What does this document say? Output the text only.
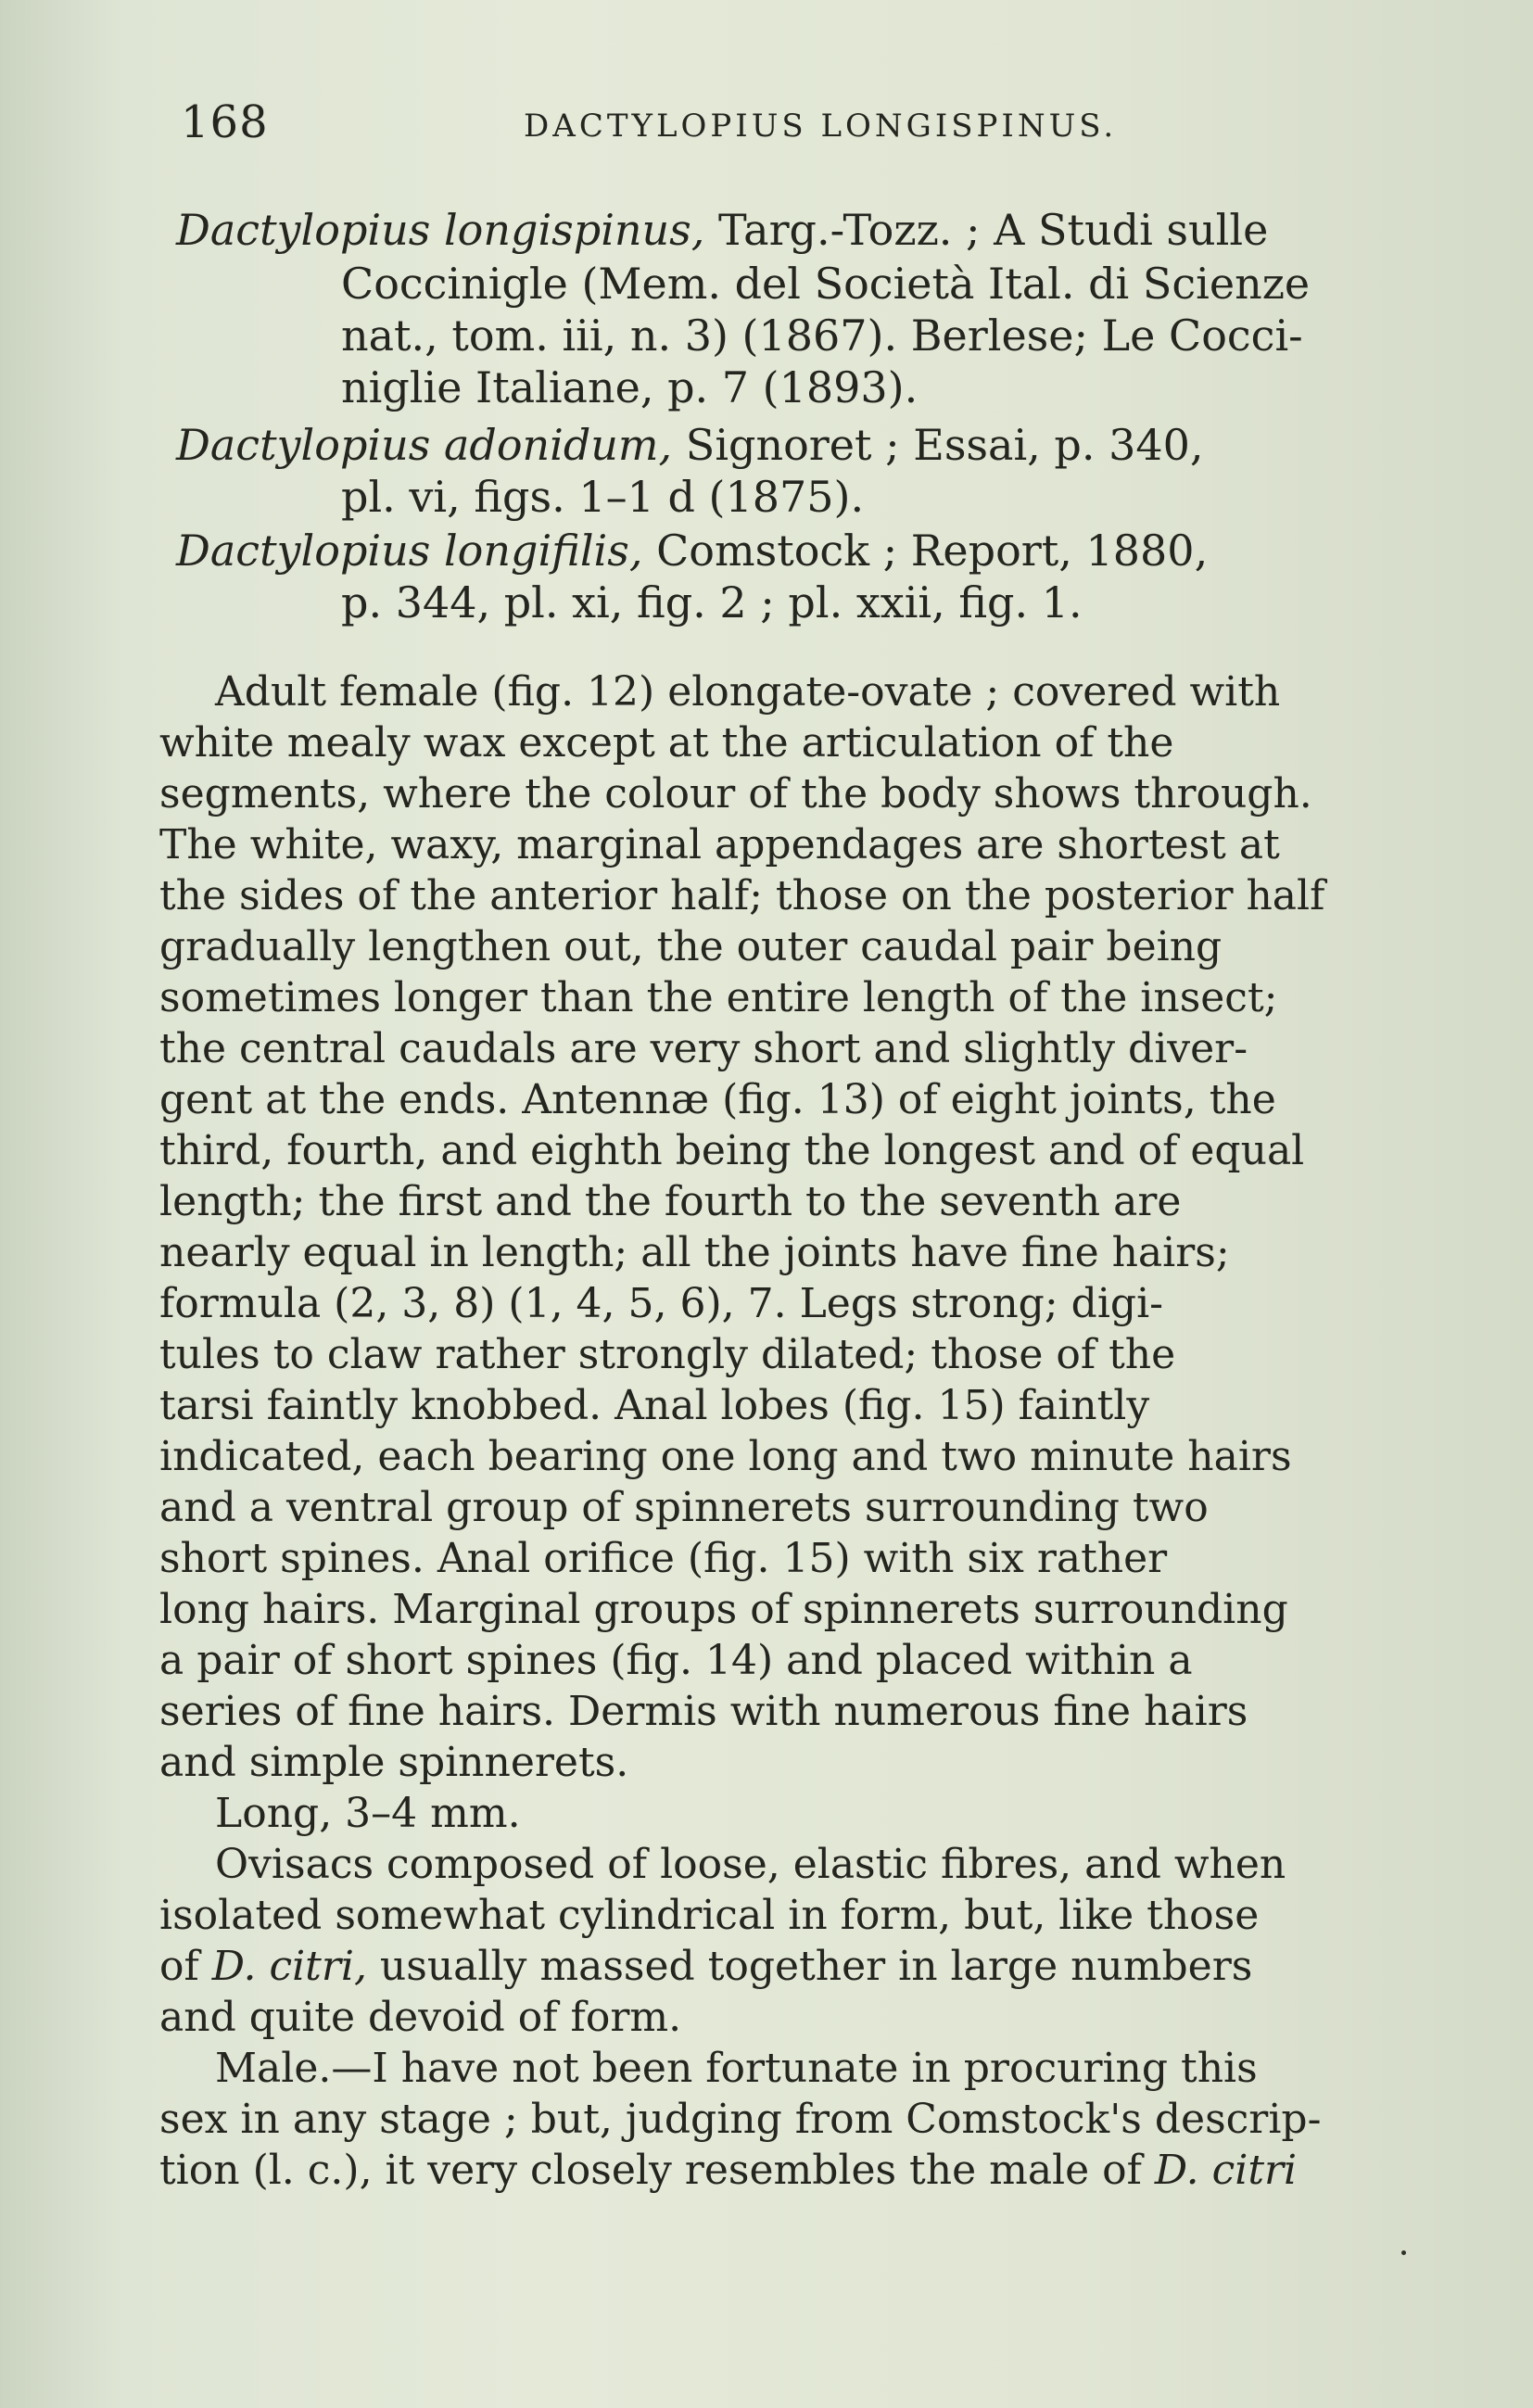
168	DACTYLOPIUS LONGISPINUS.
Dactylopius longispinus, Targ.-Tozz. ; A Studi sulle
Coccinigle (Mem. del Società Ital. di Scienze
nat., tom. iii, n. 3) (1867). Berlese; Le Cocci-
niglie Italiane, p. 7 (1893).
Dactylopius adonidum, Signoret ; Essai, p. 340,
pl. vi, figs. 1–1 d (1875).
Dactylopius longifilis, Comstock ; Report, 1880,
p. 344, pl. xi, fig. 2 ; pl. xxii, fig. 1.
Adult female (fig. 12) elongate-ovate ; covered with
white mealy wax except at the articulation of the
segments, where the colour of the body shows through.
The white, waxy, marginal appendages are shortest at
the sides of the anterior half; those on the posterior half
gradually lengthen out, the outer caudal pair being
sometimes longer than the entire length of the insect;
the central caudals are very short and slightly diver-
gent at the ends. Antennæ (fig. 13) of eight joints, the
third, fourth, and eighth being the longest and of equal
length; the first and the fourth to the seventh are
nearly equal in length; all the joints have fine hairs;
formula (2, 3, 8) (1, 4, 5, 6), 7. Legs strong; digi-
tules to claw rather strongly dilated; those of the
tarsi faintly knobbed. Anal lobes (fig. 15) faintly
indicated, each bearing one long and two minute hairs
and a ventral group of spinnerets surrounding two
short spines. Anal orifice (fig. 15) with six rather
long hairs. Marginal groups of spinnerets surrounding
a pair of short spines (fig. 14) and placed within a
series of fine hairs. Dermis with numerous fine hairs
and simple spinnerets.
Long, 3–4 mm.
Ovisacs composed of loose, elastic fibres, and when
isolated somewhat cylindrical in form, but, like those
of D. citri, usually massed together in large numbers
and quite devoid of form.
Male.—I have not been fortunate in procuring this
sex in any stage ; but, judging from Comstock's descrip-
tion (l. c.), it very closely resembles the male of D. citri
